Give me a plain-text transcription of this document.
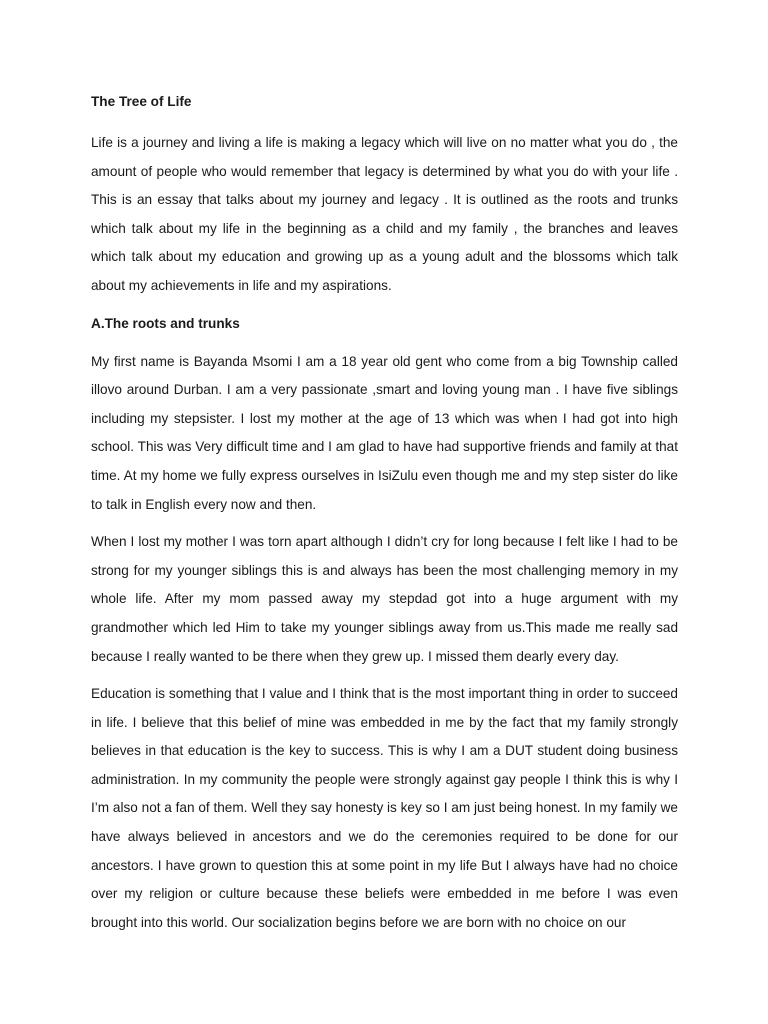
The Tree of Life

Life is a journey and living a life is making a legacy which will live on no matter what you do , the amount of people who would remember that legacy is determined by what you do with your life . This is an essay that talks about my journey and legacy . It is outlined as the roots and trunks which talk about my life in the beginning as a child and my family , the branches and leaves which talk about my education and growing up as a young adult and the blossoms which talk about my achievements in life and my aspirations.

A.The roots and trunks

My first name is Bayanda Msomi I am a 18 year old gent who come from a big Township called illovo around Durban. I am a very passionate ,smart and loving young man . I have five siblings including my stepsister. I lost my mother at the age of 13 which was when I had got into high school. This was Very difficult time and I am glad to have had supportive friends and family at that time. At my home we fully express ourselves in IsiZulu even though me and my step sister do like to talk in English every now and then.

When I lost my mother I was torn apart although I didn’t cry for long because I felt like I had to be strong for my younger siblings this is and always has been the most challenging memory in my whole life. After my mom passed away my stepdad got into a huge argument with my grandmother which led Him to take my younger siblings away from us.This made me really sad because I really wanted to be there when they grew up. I missed them dearly every day.

Education is something that I value and I think that is the most important thing in order to succeed in life. I believe that this belief of mine was embedded in me by the fact that my family strongly believes in that education is the key to success. This is why I am a DUT student doing business administration. In my community the people were strongly against gay people I think this is why I I’m also not a fan of them. Well they say honesty is key so I am just being honest. In my family we have always believed in ancestors and we do the ceremonies required to be done for our ancestors. I have grown to question this at some point in my life But I always have had no choice over my religion or culture because these beliefs were embedded in me before I was even brought into this world. Our socialization begins before we are born with no choice on our
